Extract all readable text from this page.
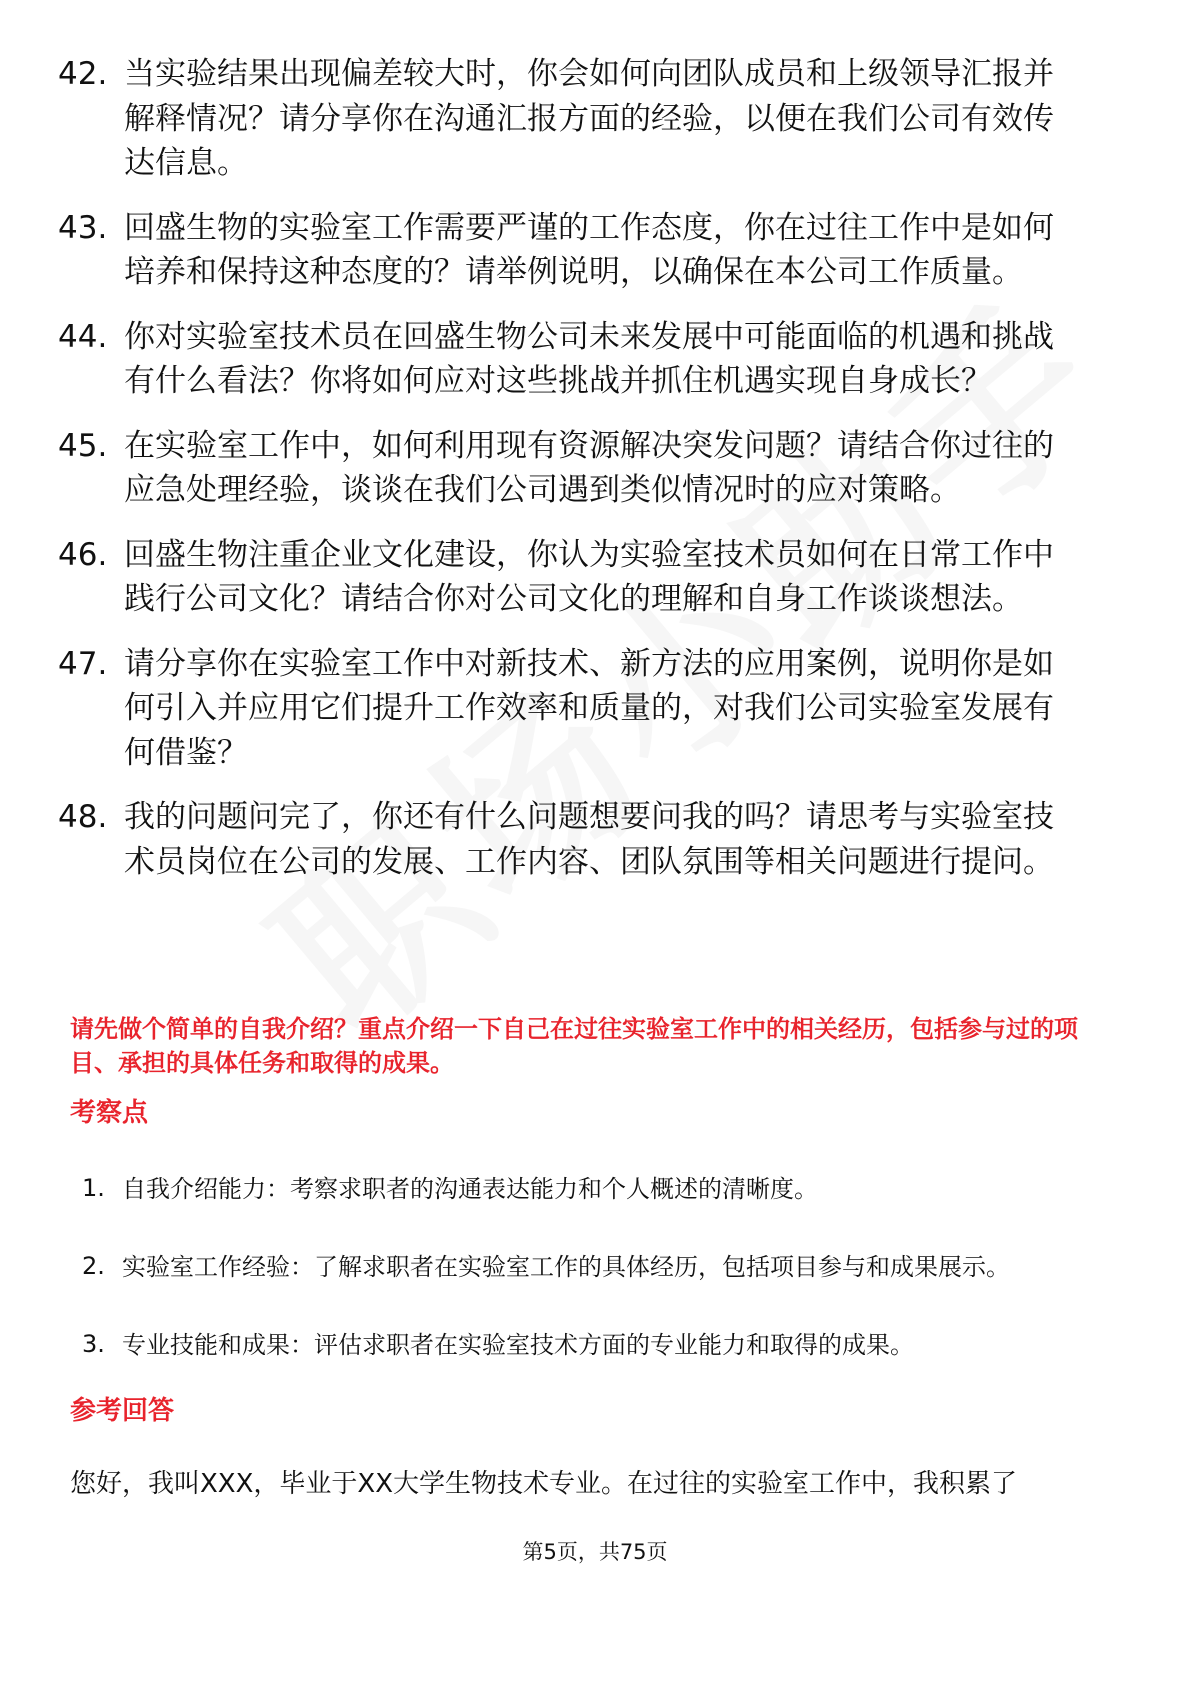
42. 当实验结果出现偏差较大时，你会如何向团队成员和上级领导汇报并解释情况？请分享你在沟通汇报方面的经验，以便在我们公司有效传达信息。
43. 回盛生物的实验室工作需要严谨的工作态度，你在过往工作中是如何培养和保持这种态度的？请举例说明，以确保在本公司工作质量。
44. 你对实验室技术员在回盛生物公司未来发展中可能面临的机遇和挑战有什么看法？你将如何应对这些挑战并抓住机遇实现自身成长？
45. 在实验室工作中，如何利用现有资源解决突发问题？请结合你过往的应急处理经验，谈谈在我们公司遇到类似情况时的应对策略。
46. 回盛生物注重企业文化建设，你认为实验室技术员如何在日常工作中践行公司文化？请结合你对公司文化的理解和自身工作谈谈想法。
47. 请分享你在实验室工作中对新技术、新方法的应用案例，说明你是如何引入并应用它们提升工作效率和质量的，对我们公司实验室发展有何借鉴？
48. 我的问题问完了，你还有什么问题想要问我的吗？请思考与实验室技术员岗位在公司的发展、工作内容、团队氛围等相关问题进行提问。
请先做个简单的自我介绍？重点介绍一下自己在过往实验室工作中的相关经历，包括参与过的项目、承担的具体任务和取得的成果。
考察点
1. 自我介绍能力：考察求职者的沟通表达能力和个人概述的清晰度。
2. 实验室工作经验：了解求职者在实验室工作的具体经历，包括项目参与和成果展示。
3. 专业技能和成果：评估求职者在实验室技术方面的专业能力和取得的成果。
参考回答
您好，我叫XXX，毕业于XX大学生物技术专业。在过往的实验室工作中，我积累了
第5页，共75页
